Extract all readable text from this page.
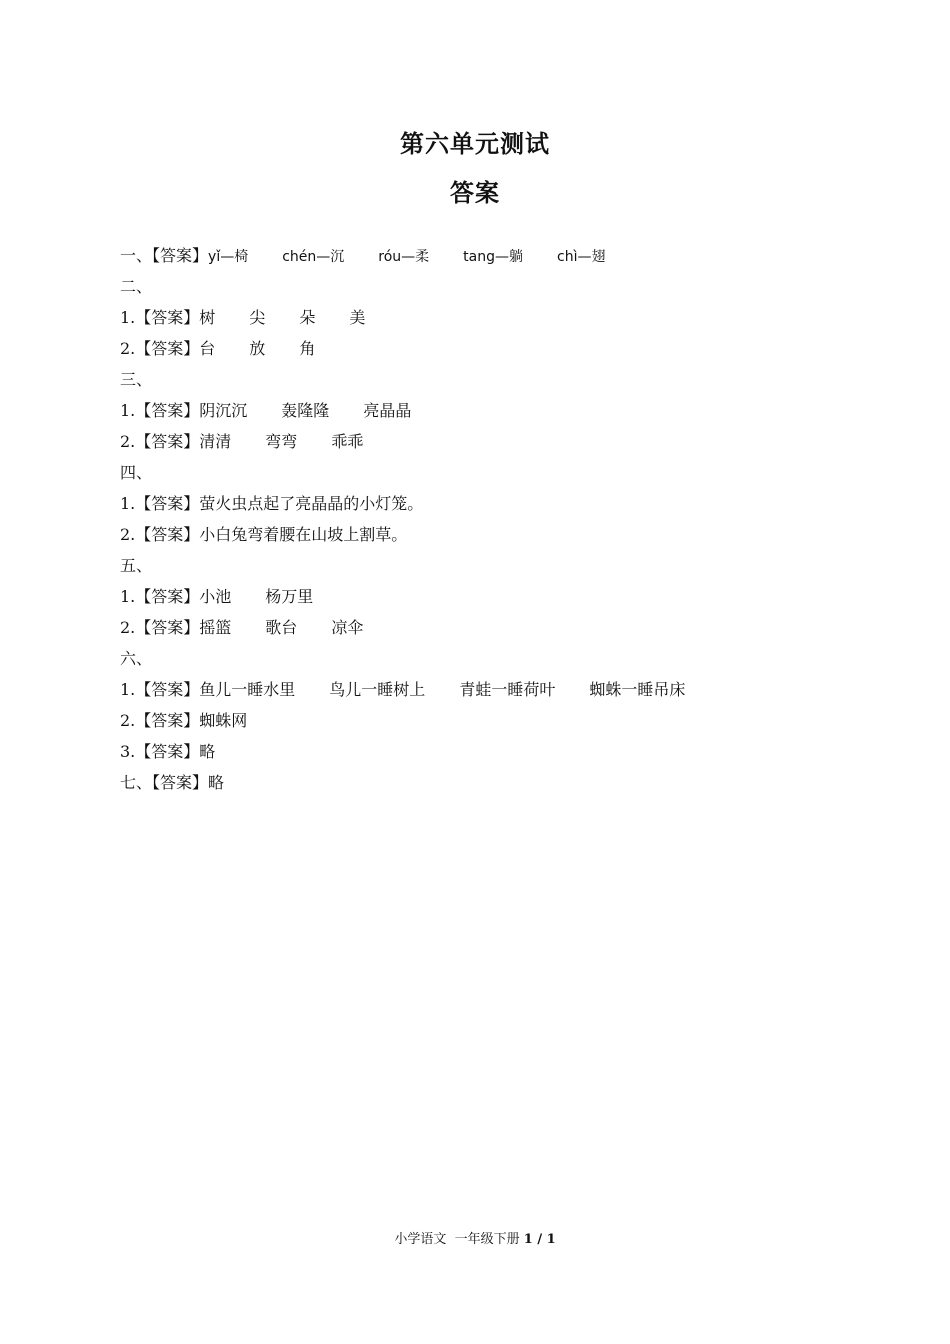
第六单元测试
答案
一、【答案】yǐ—椅 chén—沉 róu—柔 tang—躺 chì—翅
二、
1.【答案】树 尖 朵 美
2.【答案】台 放 角
三、
1.【答案】阴沉沉 轰隆隆 亮晶晶
2.【答案】清清 弯弯 乖乖
四、
1.【答案】萤火虫点起了亮晶晶的小灯笼。
2.【答案】小白兔弯着腰在山坡上割草。
五、
1.【答案】小池 杨万里
2.【答案】摇篮 歌台 凉伞
六、
1.【答案】鱼儿一睡水里 鸟儿一睡树上 青蛙一睡荷叶 蜘蛛一睡吊床
2.【答案】蜘蛛网
3.【答案】略
七、【答案】略
小学语文  一年级下册 1 / 1
